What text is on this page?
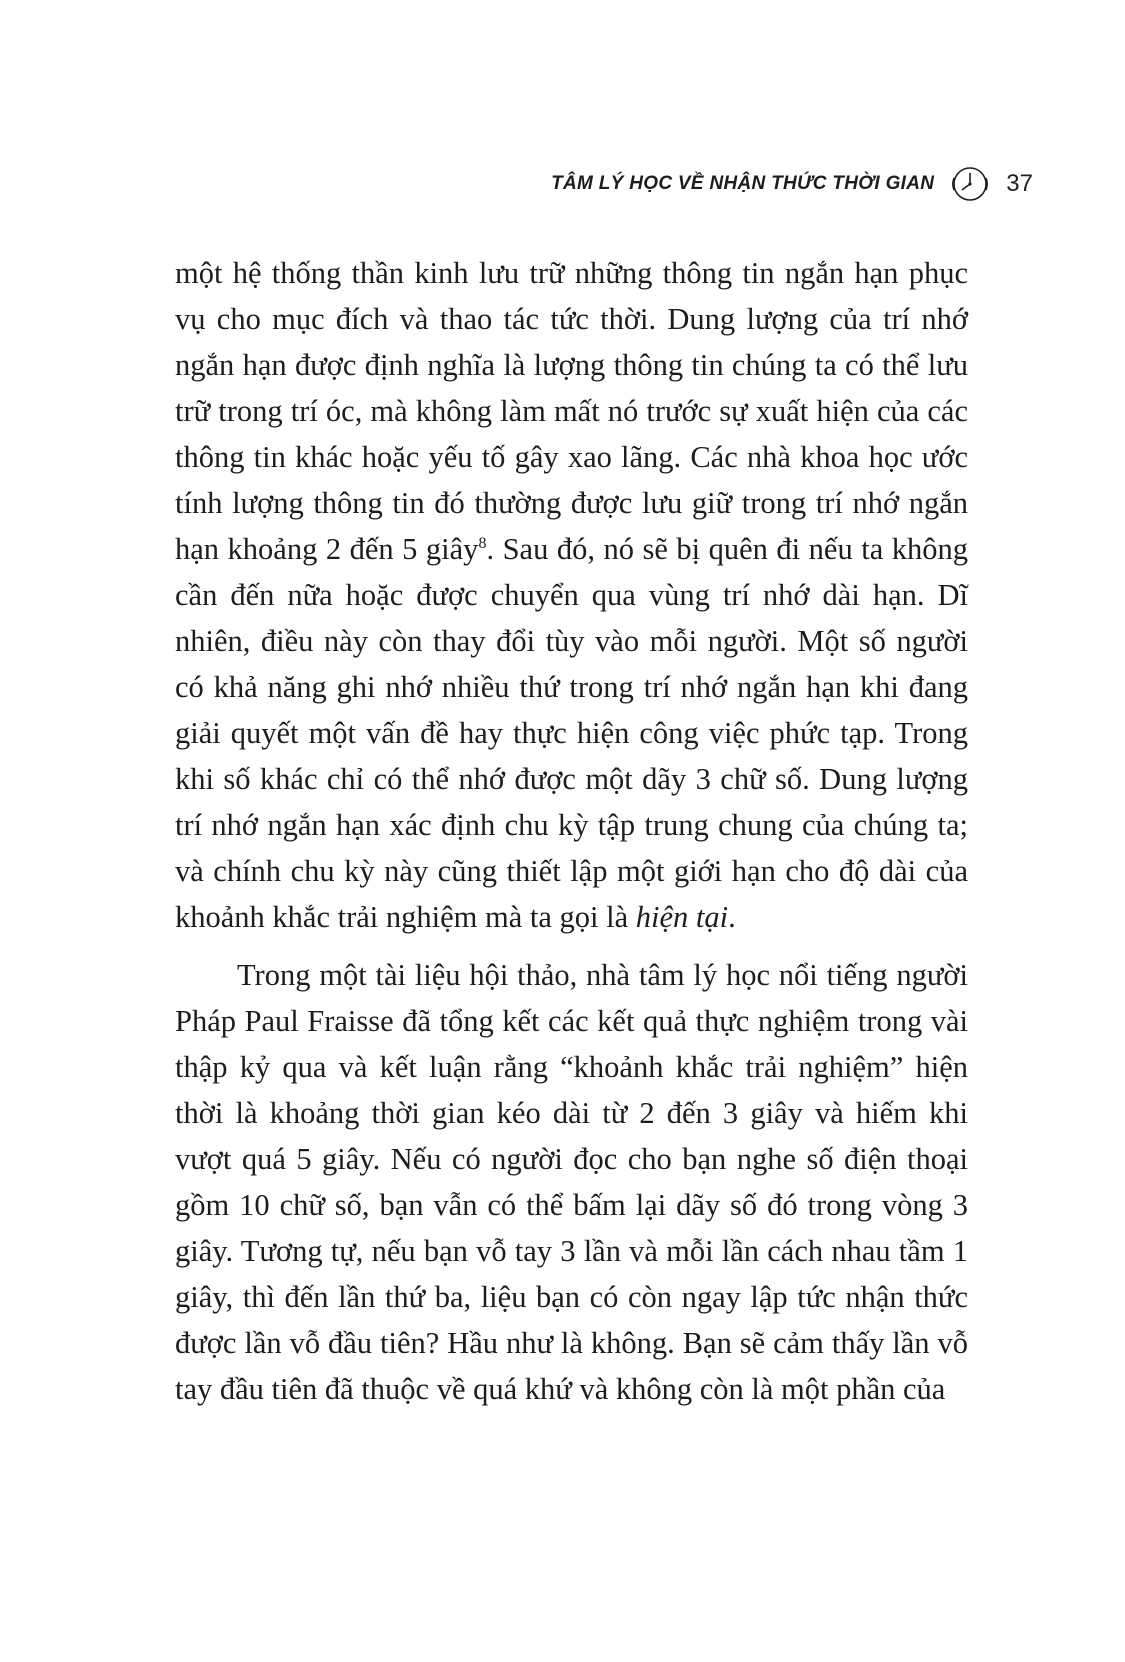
TÂM LÝ HỌC VỀ NHẬN THỨC THỜI GIAN	37

một hệ thống thần kinh lưu trữ những thông tin ngắn hạn phục vụ cho mục đích và thao tác tức thời. Dung lượng của trí nhớ ngắn hạn được định nghĩa là lượng thông tin chúng ta có thể lưu trữ trong trí óc, mà không làm mất nó trước sự xuất hiện của các thông tin khác hoặc yếu tố gây xao lãng. Các nhà khoa học ước tính lượng thông tin đó thường được lưu giữ trong trí nhớ ngắn hạn khoảng 2 đến 5 giây$^8$. Sau đó, nó sẽ bị quên đi nếu ta không cần đến nữa hoặc được chuyển qua vùng trí nhớ dài hạn. Dĩ nhiên, điều này còn thay đổi tùy vào mỗi người. Một số người có khả năng ghi nhớ nhiều thứ trong trí nhớ ngắn hạn khi đang giải quyết một vấn đề hay thực hiện công việc phức tạp. Trong khi số khác chỉ có thể nhớ được một dãy 3 chữ số. Dung lượng trí nhớ ngắn hạn xác định chu kỳ tập trung chung của chúng ta; và chính chu kỳ này cũng thiết lập một giới hạn cho độ dài của khoảnh khắc trải nghiệm mà ta gọi là hiện tại.

Trong một tài liệu hội thảo, nhà tâm lý học nổi tiếng người Pháp Paul Fraisse đã tổng kết các kết quả thực nghiệm trong vài thập kỷ qua và kết luận rằng “khoảnh khắc trải nghiệm” hiện thời là khoảng thời gian kéo dài từ 2 đến 3 giây và hiếm khi vượt quá 5 giây. Nếu có người đọc cho bạn nghe số điện thoại gồm 10 chữ số, bạn vẫn có thể bấm lại dãy số đó trong vòng 3 giây. Tương tự, nếu bạn vỗ tay 3 lần và mỗi lần cách nhau tầm 1 giây, thì đến lần thứ ba, liệu bạn có còn ngay lập tức nhận thức được lần vỗ đầu tiên? Hầu như là không. Bạn sẽ cảm thấy lần vỗ tay đầu tiên đã thuộc về quá khứ và không còn là một phần của
